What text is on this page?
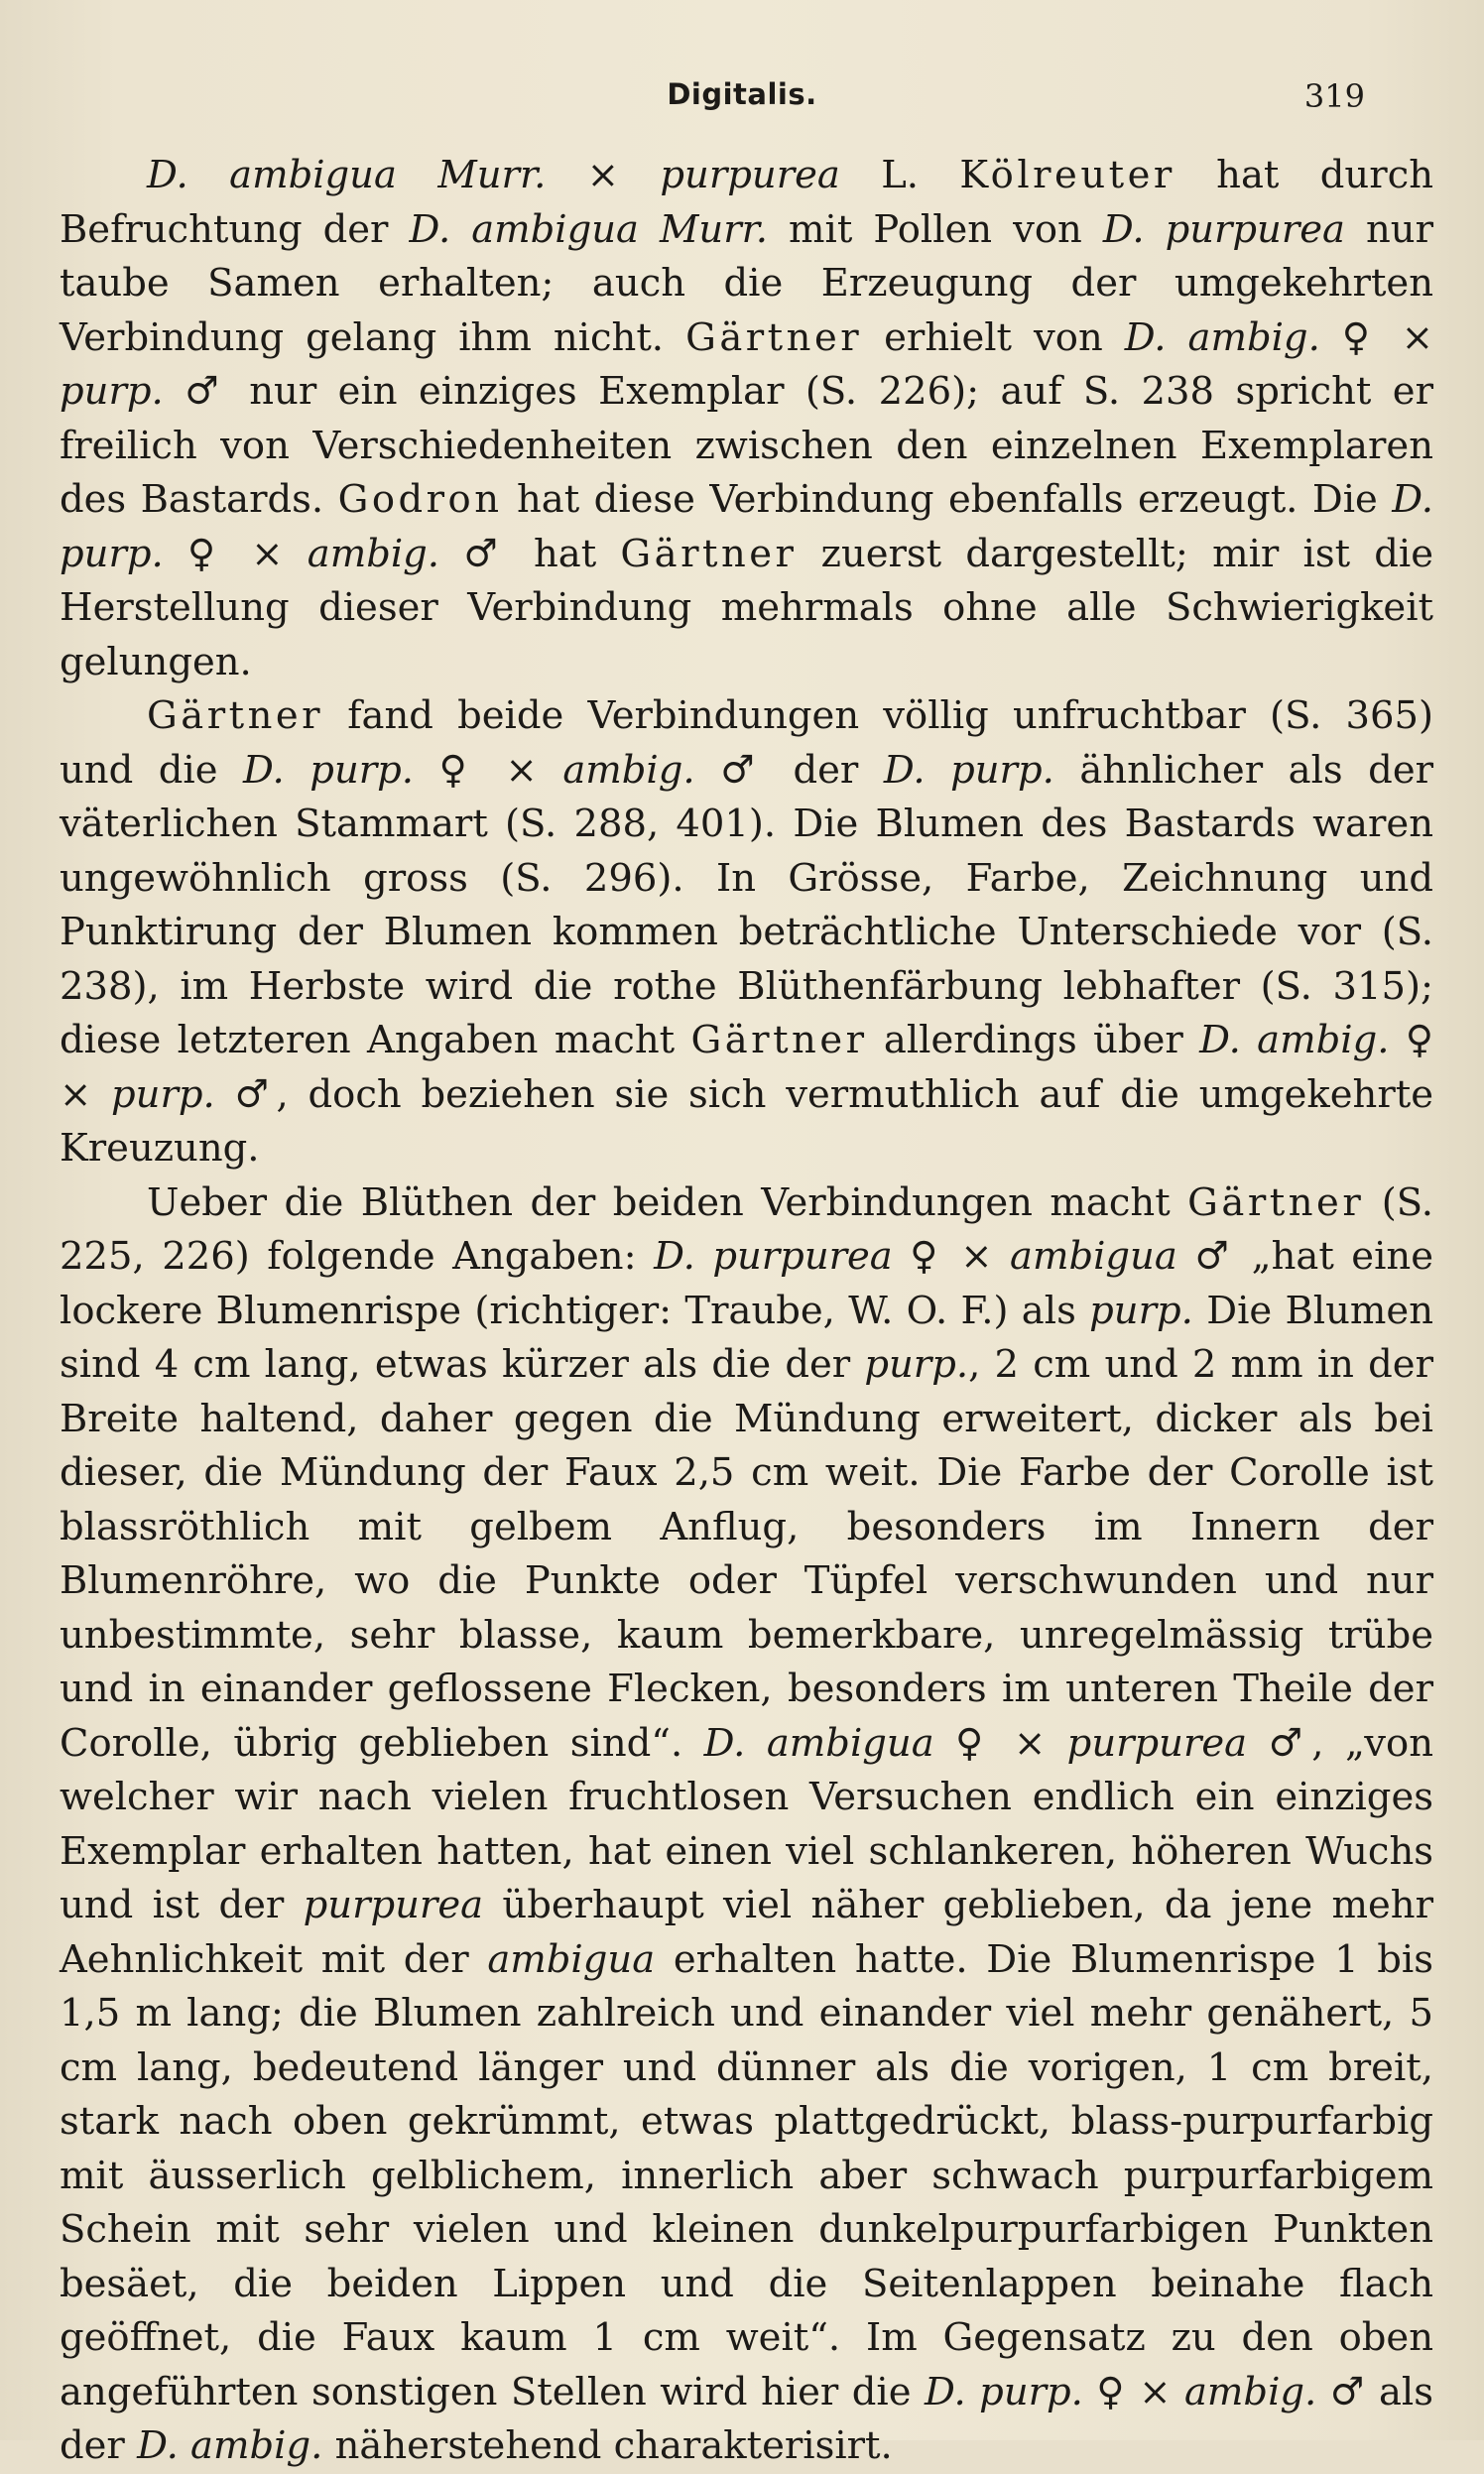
Digitalis.	319

D. ambigua Murr. × purpurea L. Kölreuter hat durch Befruchtung der D. ambigua Murr. mit Pollen von D. purpurea nur taube Samen erhalten; auch die Erzeugung der umgekehrten Verbindung gelang ihm nicht. Gärtner erhielt von D. ambig. ♀ × purp. ♂ nur ein einziges Exemplar (S. 226); auf S. 238 spricht er freilich von Verschiedenheiten zwischen den einzelnen Exemplaren des Bastards. Godron hat diese Verbindung ebenfalls erzeugt. Die D. purp. ♀ × ambig. ♂ hat Gärtner zuerst dargestellt; mir ist die Herstellung dieser Verbindung mehrmals ohne alle Schwierigkeit gelungen.

Gärtner fand beide Verbindungen völlig unfruchtbar (S. 365) und die D. purp. ♀ × ambig. ♂ der D. purp. ähnlicher als der väterlichen Stammart (S. 288, 401). Die Blumen des Bastards waren ungewöhnlich gross (S. 296). In Grösse, Farbe, Zeichnung und Punktirung der Blumen kommen beträchtliche Unterschiede vor (S. 238), im Herbste wird die rothe Blüthenfärbung lebhafter (S. 315); diese letzteren Angaben macht Gärtner allerdings über D. ambig. ♀ × purp. ♂, doch beziehen sie sich vermuthlich auf die umgekehrte Kreuzung.

Ueber die Blüthen der beiden Verbindungen macht Gärtner (S. 225, 226) folgende Angaben: D. purpurea ♀ × ambigua ♂ „hat eine lockere Blumenrispe (richtiger: Traube, W. O. F.) als purp. Die Blumen sind 4 cm lang, etwas kürzer als die der purp., 2 cm und 2 mm in der Breite haltend, daher gegen die Mündung erweitert, dicker als bei dieser, die Mündung der Faux 2,5 cm weit. Die Farbe der Corolle ist blassröthlich mit gelbem Anflug, besonders im Innern der Blumenröhre, wo die Punkte oder Tüpfel verschwunden und nur unbestimmte, sehr blasse, kaum bemerkbare, unregelmässig trübe und in einander geflossene Flecken, besonders im unteren Theile der Corolle, übrig geblieben sind“. D. ambigua ♀ × purpurea ♂, „von welcher wir nach vielen fruchtlosen Versuchen endlich ein einziges Exemplar erhalten hatten, hat einen viel schlankeren, höheren Wuchs und ist der purpurea überhaupt viel näher geblieben, da jene mehr Aehnlichkeit mit der ambigua erhalten hatte. Die Blumenrispe 1 bis 1,5 m lang; die Blumen zahlreich und einander viel mehr genähert, 5 cm lang, bedeutend länger und dünner als die vorigen, 1 cm breit, stark nach oben gekrümmt, etwas plattgedrückt, blass-purpurfarbig mit äusserlich gelblichem, innerlich aber schwach purpurfarbigem Schein mit sehr vielen und kleinen dunkelpurpurfarbigen Punkten besäet, die beiden Lippen und die Seitenlappen beinahe flach geöffnet, die Faux kaum 1 cm weit“. Im Gegensatz zu den oben angeführten sonstigen Stellen wird hier die D. purp. ♀ × ambig. ♂ als der D. ambig. näherstehend charakterisirt.
